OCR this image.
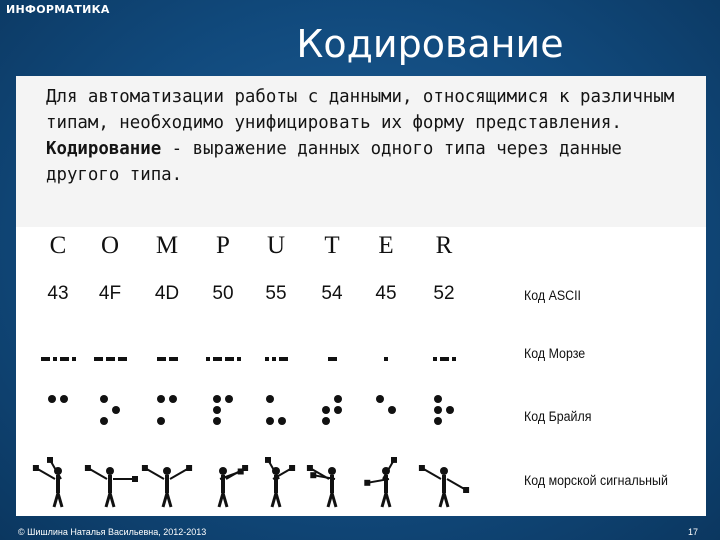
ИНФОРМАТИКА
Кодирование

Для автоматизации работы с данными, относящимися к различным типам, необходимо унифицировать их форму представления.

Кодирование - выражение данных одного типа через данные другого типа.

C	O	M	P	U	T	E	R
Код ASCII
43	4F	4D	50	55	54	45	52
Код Морзе
Код Брайля
Код морской сигнальный
© Шишлина Наталья Васильевна, 2012-2013	17
